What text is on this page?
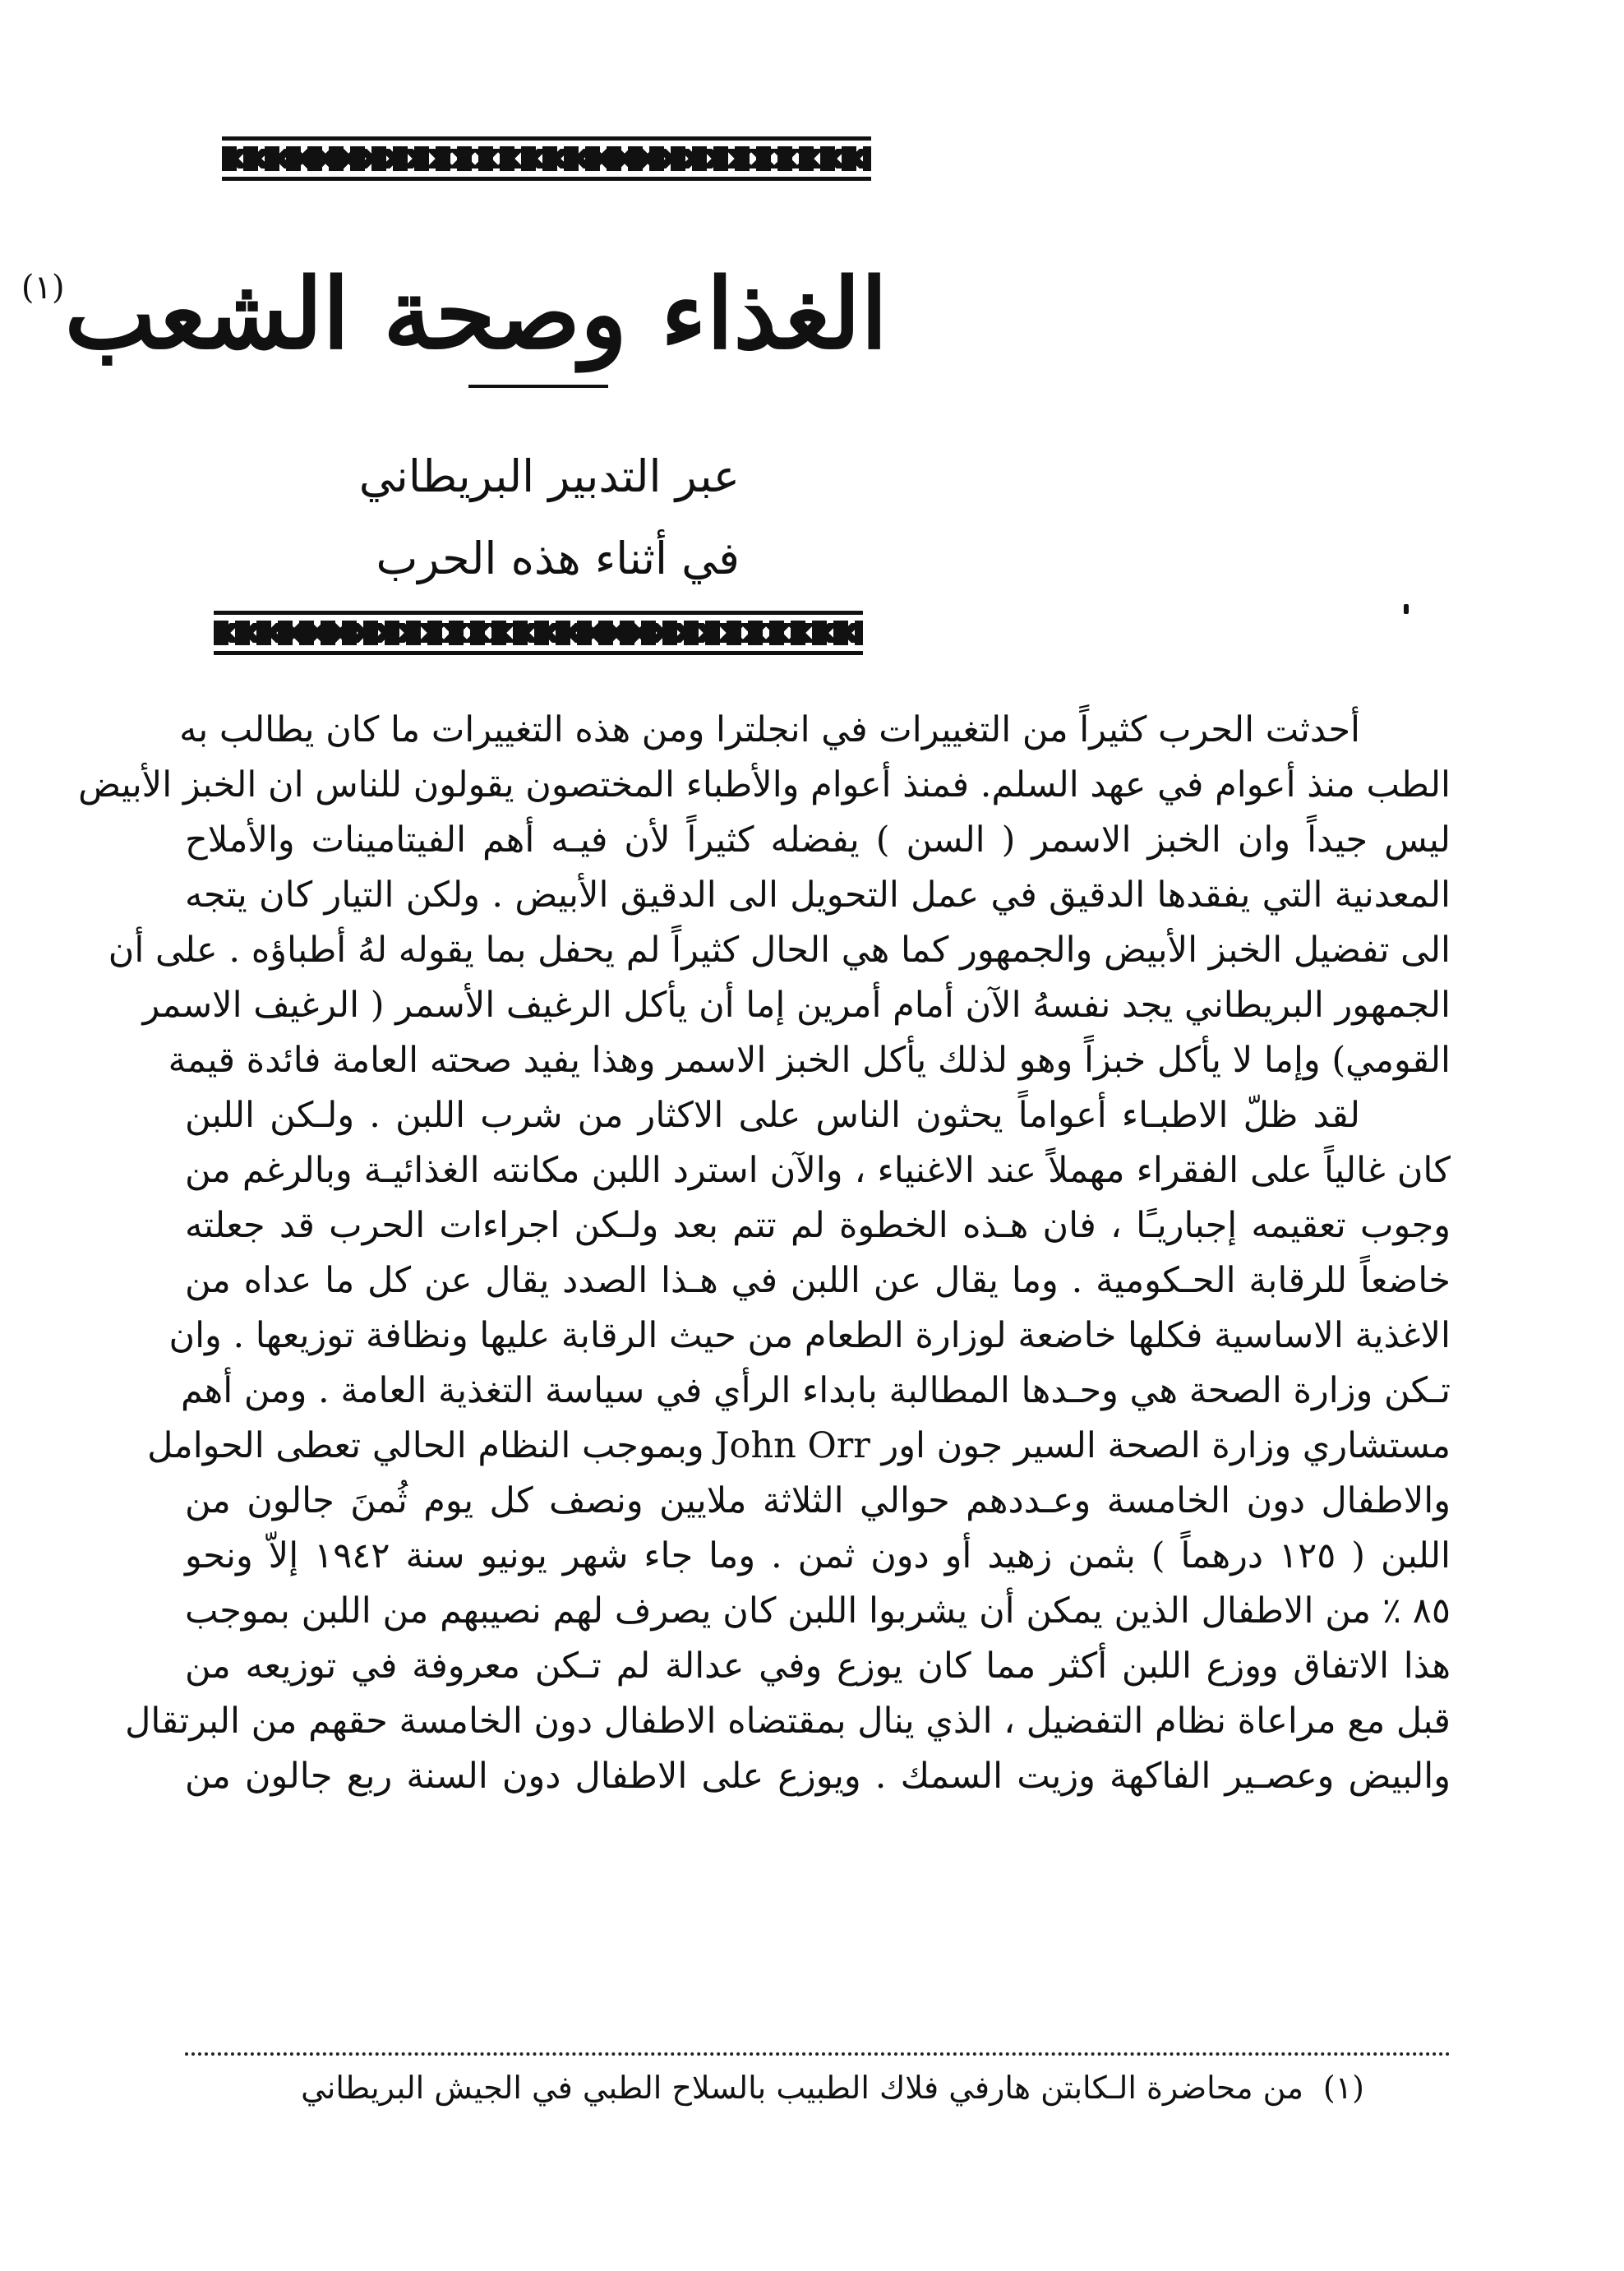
الغذاء وصحة الشعب$^{(١)}$
عبر التدبير البريطاني
في أثناء هذه الحرب
أحدثت الحرب كثيراً من التغييرات في انجلترا ومن هذه التغييرات ما كان يطالب به
الطب منذ أعوام في عهد السلم. فمنذ أعوام والأطباء المختصون يقولون للناس ان الخبز الأبيض
ليس جيداً وان الخبز الاسمر ( السن ) يفضله كثيراً لأن فيـه أهم الفيتامينات والأملاح
المعدنية التي يفقدها الدقيق في عمل التحويل الى الدقيق الأبيض . ولكن التيار كان يتجه
الى تفضيل الخبز الأبيض والجمهور كما هي الحال كثيراً لم يحفل بما يقوله لهُ أطباؤه . على أن
الجمهور البريطاني يجد نفسهُ الآن أمام أمرين إما أن يأكل الرغيف الأسمر ( الرغيف الاسمر
القومي) وإما لا يأكل خبزاً وهو لذلك يأكل الخبز الاسمر وهذا يفيد صحته العامة فائدة قيمة
لقد ظلّ الاطبـاء أعواماً يحثون الناس على الاكثار من شرب اللبن . ولـكن اللبن
كان غالياً على الفقراء مهملاً عند الاغنياء ، والآن استرد اللبن مكانته الغذائيـة وبالرغم من
وجوب تعقيمه إجباريـًا ، فان هـذه الخطوة لم تتم بعد ولـكن اجراءات الحرب قد جعلته
خاضعاً للرقابة الحـكومية . وما يقال عن اللبن في هـذا الصدد يقال عن كل ما عداه من
الاغذية الاساسية فكلها خاضعة لوزارة الطعام من حيث الرقابة عليها ونظافة توزيعها . وان
تـكن وزارة الصحة هي وحـدها المطالبة بابداء الرأي في سياسة التغذية العامة . ومن أهم
مستشاري وزارة الصحة السير جون اور John Orr وبموجب النظام الحالي تعطى الحوامل
والاطفال دون الخامسة وعـددهم حوالي الثلاثة ملايين ونصف كل يوم ثُمنَ جالون من
اللبن ( ١٢٥ درهماً ) بثمن زهيد أو دون ثمن . وما جاء شهر يونيو سنة ١٩٤٢ إلاّ ونحو
٨٥ ٪ من الاطفال الذين يمكن أن يشربوا اللبن كان يصرف لهم نصيبهم من اللبن بموجب
هذا الاتفاق ووزع اللبن أكثر مما كان يوزع وفي عدالة لم تـكن معروفة في توزيعه من
قبل مع مراعاة نظام التفضيل ، الذي ينال بمقتضاه الاطفال دون الخامسة حقهم من البرتقال
والبيض وعصـير الفاكهة وزيت السمك . ويوزع على الاطفال دون السنة ربع جالون من
(١)من محاضرة الـكابتن هارفي فلاك الطبيب بالسلاح الطبي في الجيش البريطاني
